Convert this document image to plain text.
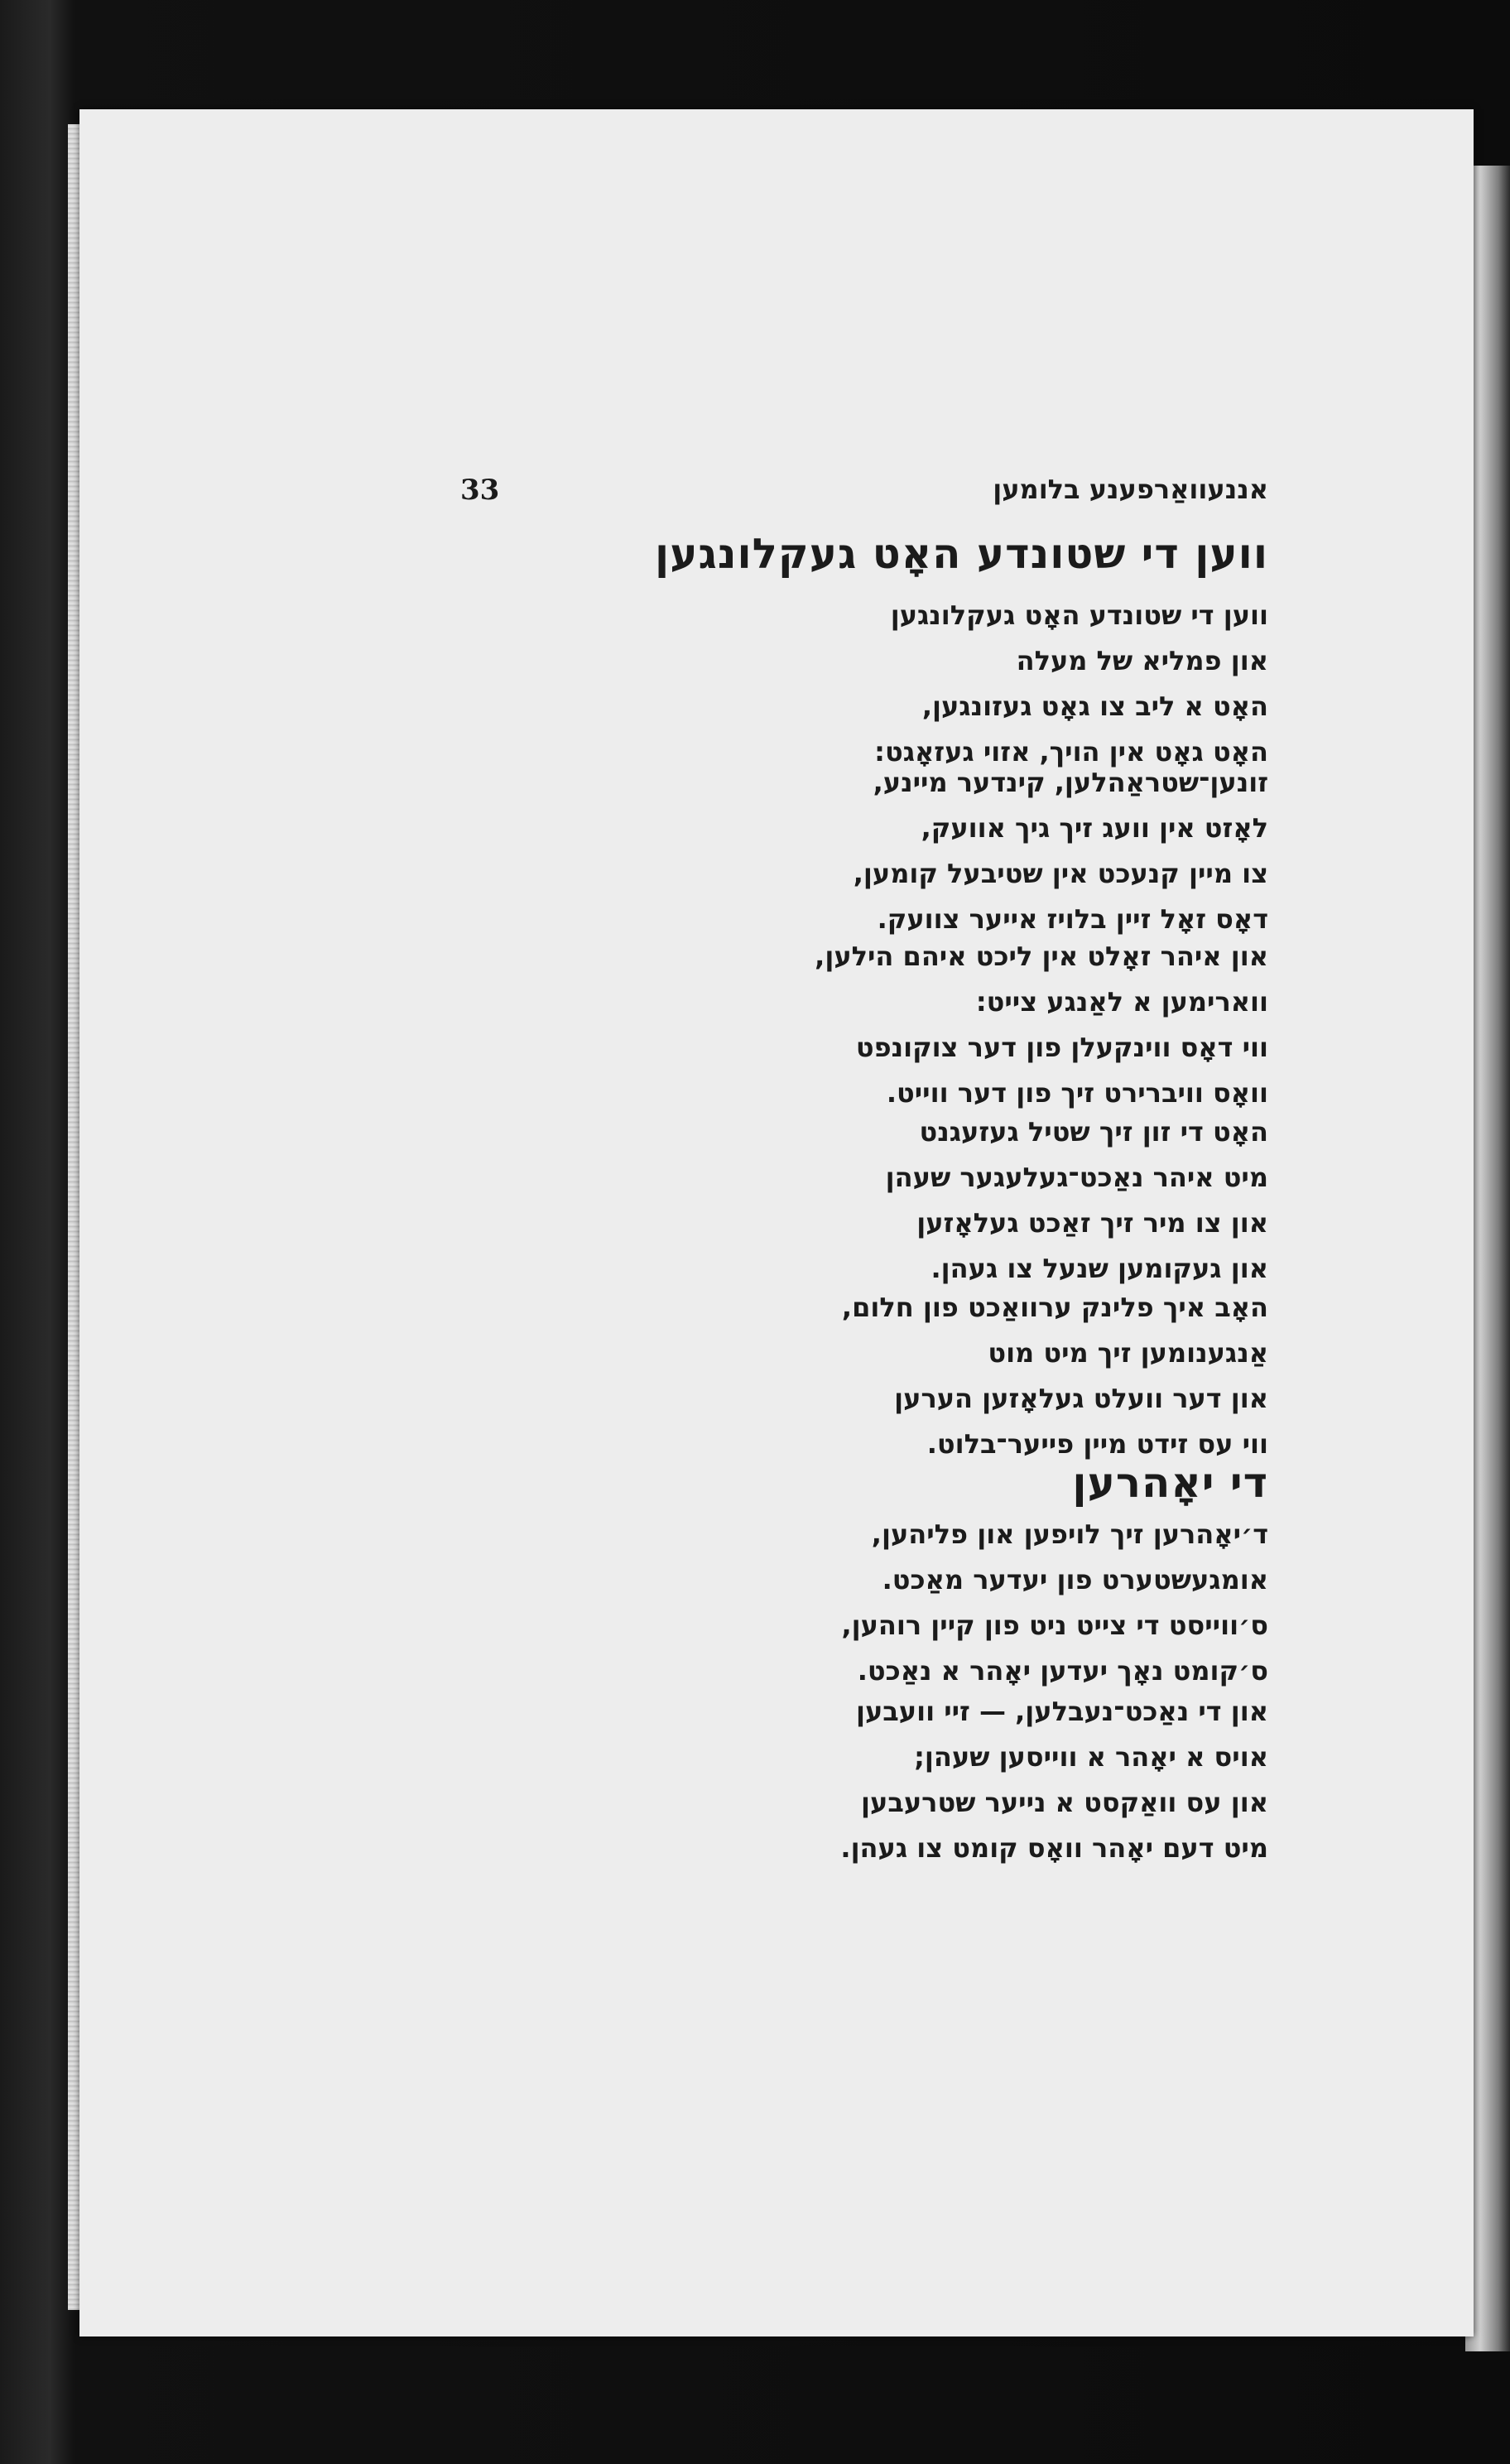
33	אננעוואַרפענע בלומען
ווען די שטונדע האָט געקלונגען
ווען די שטונדע האָט געקלונגען
און פמליא של מעלה
האָט א ליב צו גאָט געזונגען,
האָט גאָט אין הויך, אזוי געזאָגט:
זונען־שטראַהלען, קינדער מיינע,
לאָזט אין וועג זיך גיך אוועק,
צו מיין קנעכט אין שטיבעל קומען,
דאָס זאָל זיין בלויז אייער צוועק.
און איהר זאָלט אין ליכט איהם הילען,
ווארימען א לאַנגע צייט:
ווי דאָס ווינקעלן פון דער צוקונפט
וואָס וויברירט זיך פון דער ווייט.
האָט די זון זיך שטיל געזעגנט
מיט איהר נאַכט־געלעגער שעהן
און צו מיר זיך זאַכט געלאָזען
און געקומען שנעל צו געהן.
האָב איך פלינק ערוואַכט פון חלום,
אַנגענומען זיך מיט מוט
און דער וועלט געלאָזען הערען
ווי עס זידט מיין פייער־בלוט.
די יאָהרען
ד׳יאָהרען זיך לויפען און פליהען,
אומגעשטערט פון יעדער מאַכט.
ס׳ווייסט די צייט ניט פון קיין רוהען,
ס׳קומט נאָך יעדען יאָהר א נאַכט.
און די נאַכט־נעבלען, — זיי וועבען
אויס א יאָהר א ווייסען שעהן;
און עס וואַקסט א נייער שטרעבען
מיט דעם יאָהר וואָס קומט צו געהן.
